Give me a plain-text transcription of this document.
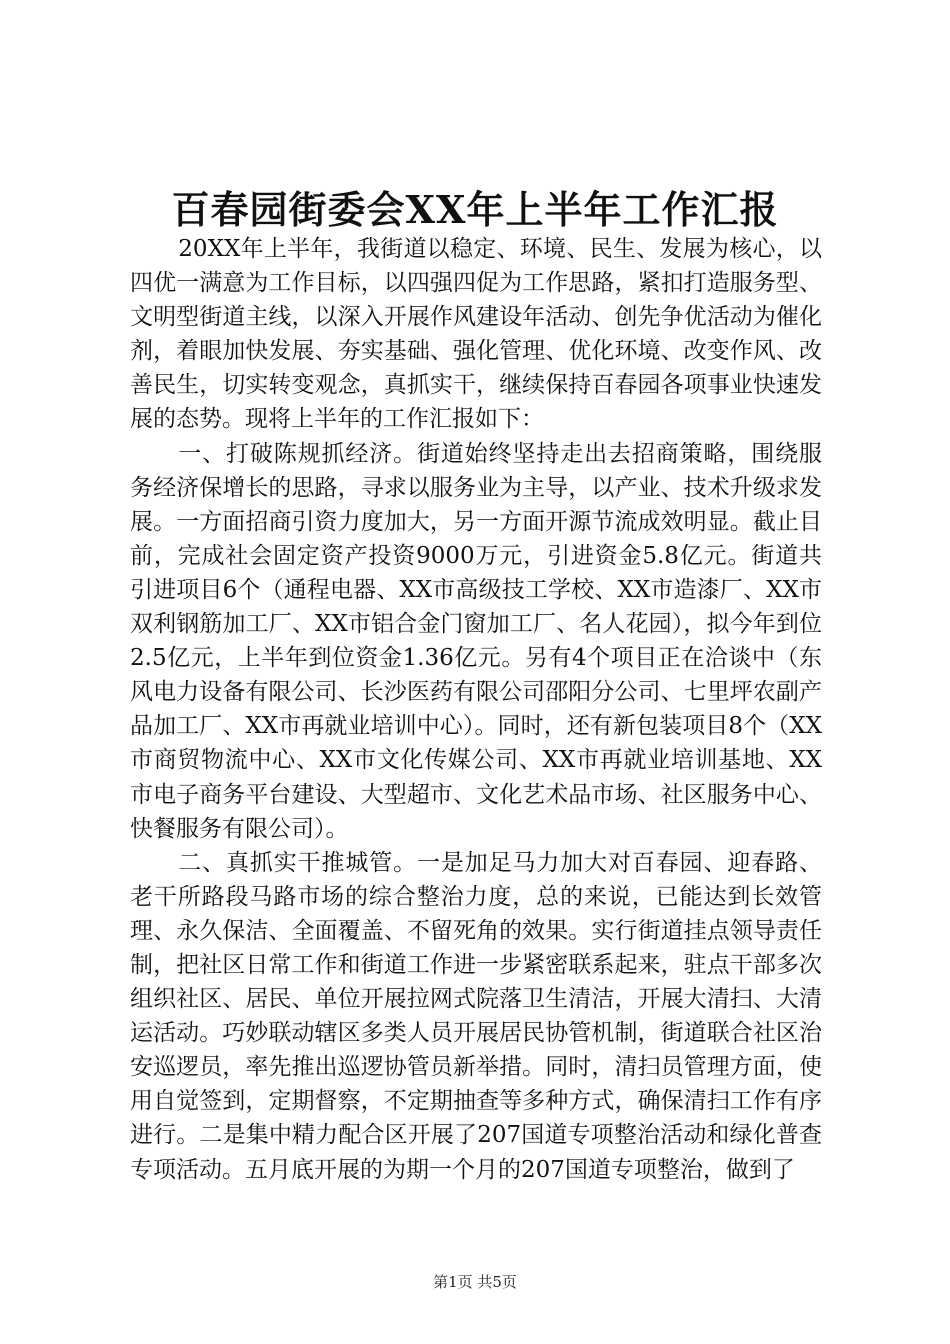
百春园街委会XX年上半年工作汇报

20XX年上半年，我街道以稳定、环境、民生、发展为核心，以四优一满意为工作目标，以四强四促为工作思路，紧扣打造服务型、文明型街道主线，以深入开展作风建设年活动、创先争优活动为催化剂，着眼加快发展、夯实基础、强化管理、优化环境、改变作风、改善民生，切实转变观念，真抓实干，继续保持百春园各项事业快速发展的态势。现将上半年的工作汇报如下：

一、打破陈规抓经济。街道始终坚持走出去招商策略，围绕服务经济保增长的思路，寻求以服务业为主导，以产业、技术升级求发展。一方面招商引资力度加大，另一方面开源节流成效明显。截止目前，完成社会固定资产投资9000万元，引进资金5.8亿元。街道共引进项目6个（通程电器、XX市高级技工学校、XX市造漆厂、XX市双利钢筋加工厂、XX市铝合金门窗加工厂、名人花园），拟今年到位2.5亿元，上半年到位资金1.36亿元。另有4个项目正在洽谈中（东风电力设备有限公司、长沙医药有限公司邵阳分公司、七里坪农副产品加工厂、XX市再就业培训中心）。同时，还有新包装项目8个（XX市商贸物流中心、XX市文化传媒公司、XX市再就业培训基地、XX市电子商务平台建设、大型超市、文化艺术品市场、社区服务中心、快餐服务有限公司）。

二、真抓实干推城管。一是加足马力加大对百春园、迎春路、老干所路段马路市场的综合整治力度，总的来说，已能达到长效管理、永久保洁、全面覆盖、不留死角的效果。实行街道挂点领导责任制，把社区日常工作和街道工作进一步紧密联系起来，驻点干部多次组织社区、居民、单位开展拉网式院落卫生清洁，开展大清扫、大清运活动。巧妙联动辖区多类人员开展居民协管机制，街道联合社区治安巡逻员，率先推出巡逻协管员新举措。同时，清扫员管理方面，使用自觉签到，定期督察，不定期抽查等多种方式，确保清扫工作有序进行。二是集中精力配合区开展了207国道专项整治活动和绿化普查专项活动。五月底开展的为期一个月的207国道专项整治，做到了

第1页 共5页
